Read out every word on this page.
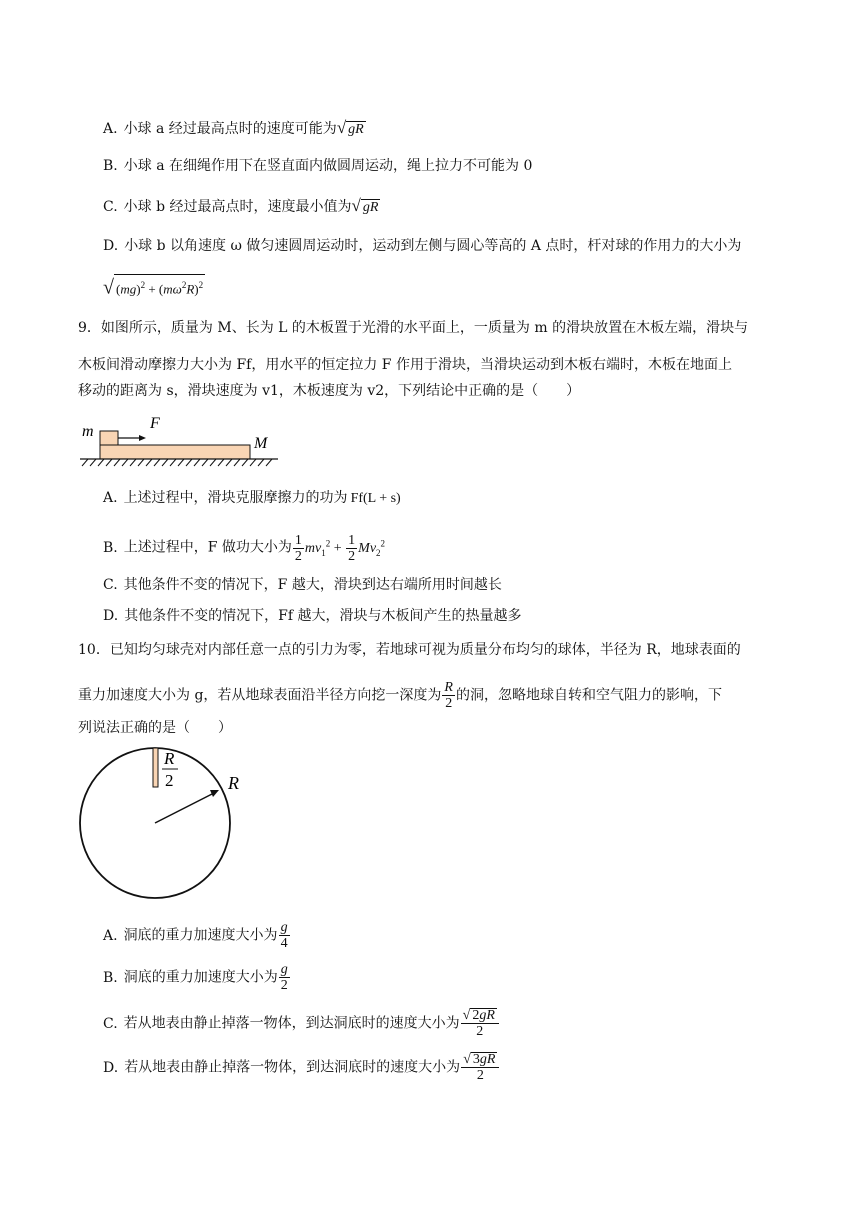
A. 小球 a 经过最高点时的速度可能为√ gR
B. 小球 a 在细绳作用下在竖直面内做圆周运动，绳上拉力不可能为 0
C. 小球 b 经过最高点时，速度最小值为√ gR
D. 小球 b 以角速度 ω 做匀速圆周运动时，运动到左侧与圆心等高的 A 点时，杆对球的作用力的大小为
√ $(mg)^2 + (m\omega^2R)^2$
9．如图所示，质量为 M、长为 L 的木板置于光滑的水平面上，一质量为 m 的滑块放置在木板左端，滑块与
木板间滑动摩擦力大小为 Ff，用水平的恒定拉力 F 作用于滑块，当滑块运动到木板右端时，木板在地面上
移动的距离为 s，滑块速度为 v1，木板速度为 v2，下列结论中正确的是（　　）
m	F
M
A. 上述过程中，滑块克服摩擦力的功为 Ff(L + s)
B. 上述过程中，F 做功大小为 $\frac{1}{2} mv_1^2 + \frac{1}{2} Mv_2^2$
C. 其他条件不变的情况下，F 越大，滑块到达右端所用时间越长
D. 其他条件不变的情况下，Ff 越大，滑块与木板间产生的热量越多
10．已知均匀球壳对内部任意一点的引力为零，若地球可视为质量分布均匀的球体，半径为 R，地球表面的
重力加速度大小为 g，若从地球表面沿半径方向挖一深度为 $\frac{R}{2}$ 的洞，忽略地球自转和空气阻力的影响，下
列说法正确的是（　　）
R
2	R
A. 洞底的重力加速度大小为 $\frac{g}{4}$
B. 洞底的重力加速度大小为 $\frac{g}{2}$
C. 若从地表由静止掉落一物体，到达洞底时的速度大小为 $\frac{√ 2gR}{2}$
D. 若从地表由静止掉落一物体，到达洞底时的速度大小为 $\frac{√ 3gR}{2}$
